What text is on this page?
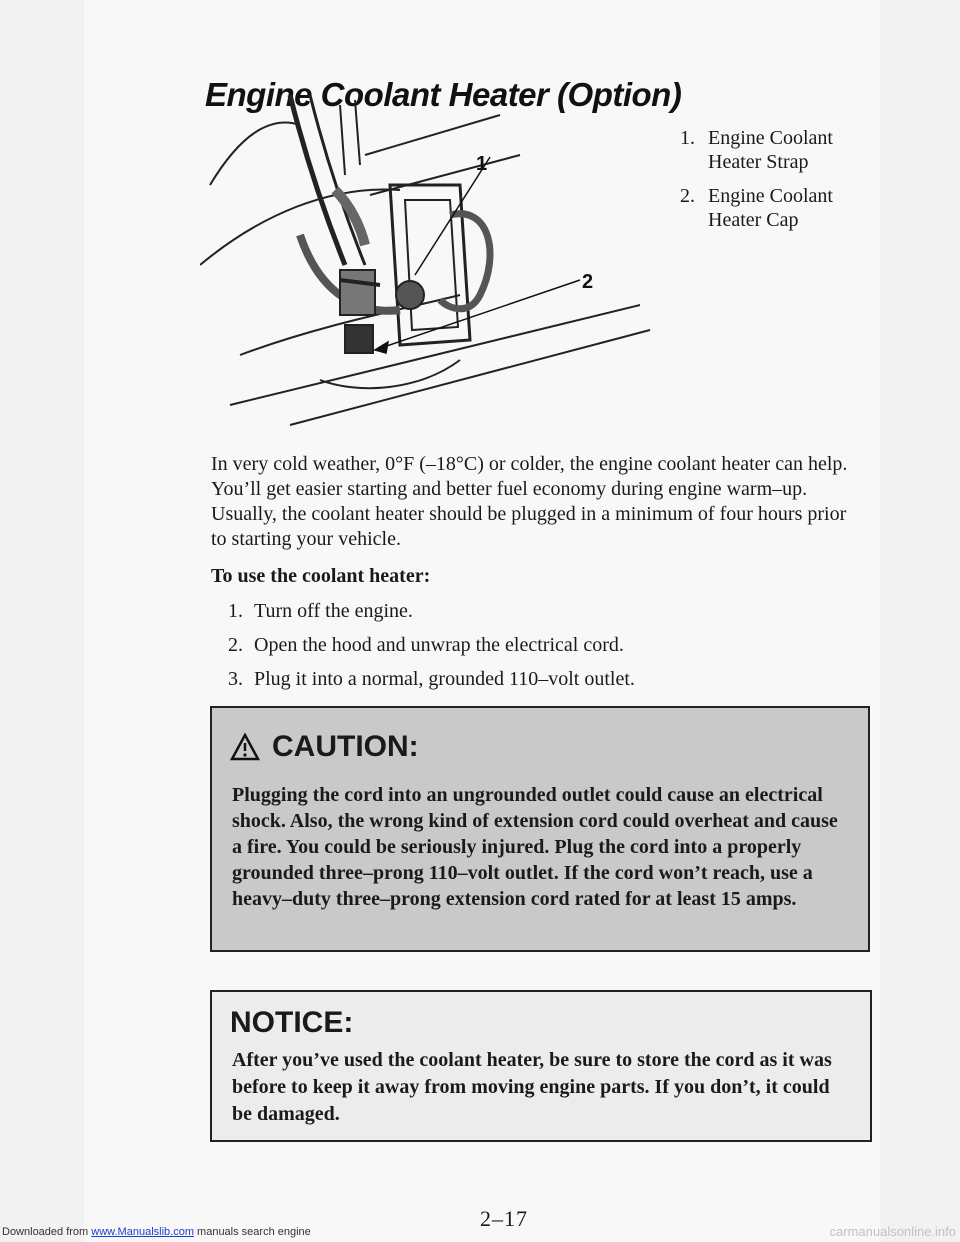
Engine Coolant Heater (Option)
1
2
1. Engine Coolant Heater Strap
2. Engine Coolant Heater Cap

In very cold weather, 0°F (–18°C) or colder, the engine coolant heater can help. You’ll get easier starting and better fuel economy during engine warm–up. Usually, the coolant heater should be plugged in a minimum of four hours prior to starting your vehicle.

To use the coolant heater:

1. Turn off the engine.
2. Open the hood and unwrap the electrical cord.
3. Plug it into a normal, grounded 110–volt outlet.
CAUTION:

Plugging the cord into an ungrounded outlet could cause an electrical shock. Also, the wrong kind of extension cord could overheat and cause a fire. You could be seriously injured. Plug the cord into a properly grounded three–prong 110–volt outlet. If the cord won’t reach, use a heavy–duty three–prong extension cord rated for at least 15 amps.

NOTICE:

After you’ve used the coolant heater, be sure to store the cord as it was before to keep it away from moving engine parts. If you don’t, it could be damaged.

2–17
Downloaded from www.Manualslib.com manuals search engine	carmanualsonline.info
